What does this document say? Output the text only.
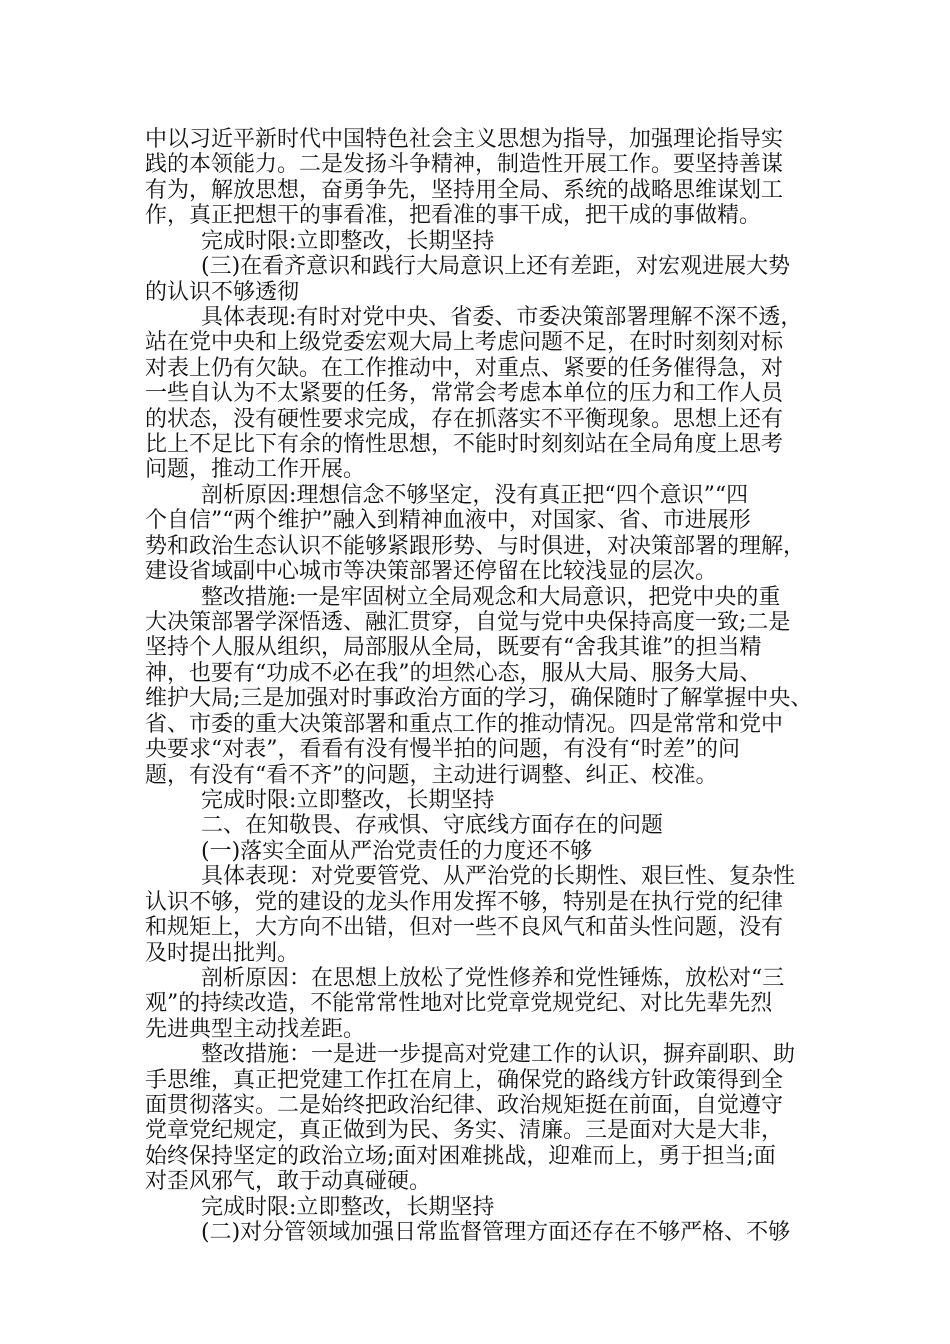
中以习近平新时代中国特色社会主义思想为指导，加强理论指导实
践的本领能力。二是发扬斗争精神，制造性开展工作。要坚持善谋
有为，解放思想，奋勇争先，坚持用全局、系统的战略思维谋划工
作，真正把想干的事看准，把看准的事干成，把干成的事做精。
完成时限:立即整改，长期坚持
(三)在看齐意识和践行大局意识上还有差距，对宏观进展大势
的认识不够透彻
具体表现:有时对党中央、省委、市委决策部署理解不深不透，
站在党中央和上级党委宏观大局上考虑问题不足，在时时刻刻对标
对表上仍有欠缺。在工作推动中，对重点、紧要的任务催得急，对
一些自认为不太紧要的任务，常常会考虑本单位的压力和工作人员
的状态，没有硬性要求完成，存在抓落实不平衡现象。思想上还有
比上不足比下有余的惰性思想，不能时时刻刻站在全局角度上思考
问题，推动工作开展。
剖析原因:理想信念不够坚定，没有真正把“四个意识”“四
个自信”“两个维护”融入到精神血液中，对国家、省、市进展形
势和政治生态认识不能够紧跟形势、与时俱进，对决策部署的理解，
建设省域副中心城市等决策部署还停留在比较浅显的层次。
整改措施:一是牢固树立全局观念和大局意识，把党中央的重
大决策部署学深悟透、融汇贯穿，自觉与党中央保持高度一致;二是
坚持个人服从组织，局部服从全局，既要有“舍我其谁”的担当精
神，也要有“功成不必在我”的坦然心态，服从大局、服务大局、
维护大局;三是加强对时事政治方面的学习，确保随时了解掌握中央、
省、市委的重大决策部署和重点工作的推动情况。四是常常和党中
央要求“对表”，看看有没有慢半拍的问题，有没有“时差”的问
题，有没有“看不齐”的问题，主动进行调整、纠正、校准。
完成时限:立即整改，长期坚持
二、在知敬畏、存戒惧、守底线方面存在的问题
(一)落实全面从严治党责任的力度还不够
具体表现：对党要管党、从严治党的长期性、艰巨性、复杂性
认识不够，党的建设的龙头作用发挥不够，特别是在执行党的纪律
和规矩上，大方向不出错，但对一些不良风气和苗头性问题，没有
及时提出批判。
剖析原因：在思想上放松了党性修养和党性锤炼，放松对“三
观”的持续改造，不能常常性地对比党章党规党纪、对比先辈先烈
先进典型主动找差距。
整改措施：一是进一步提高对党建工作的认识，摒弃副职、助
手思维，真正把党建工作扛在肩上，确保党的路线方针政策得到全
面贯彻落实。二是始终把政治纪律、政治规矩挺在前面，自觉遵守
党章党纪规定，真正做到为民、务实、清廉。三是面对大是大非，
始终保持坚定的政治立场;面对困难挑战，迎难而上，勇于担当;面
对歪风邪气，敢于动真碰硬。
完成时限:立即整改，长期坚持
(二)对分管领域加强日常监督管理方面还存在不够严格、不够
